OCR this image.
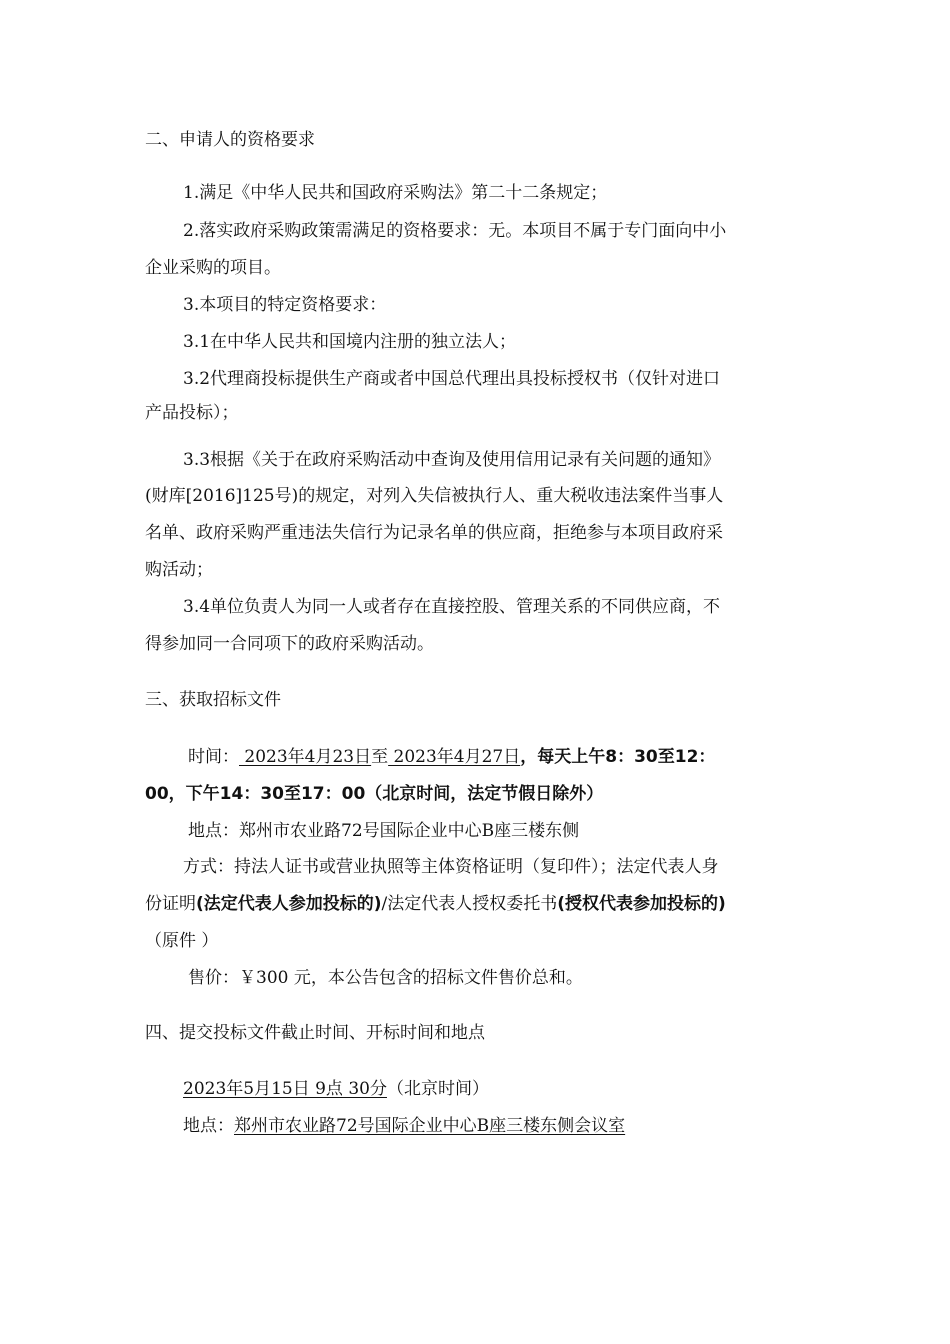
二、申请人的资格要求
1.满足《中华人民共和国政府采购法》第二十二条规定；
2.落实政府采购政策需满足的资格要求：无。本项目不属于专门面向中小
企业采购的项目。
3.本项目的特定资格要求：
3.1在中华人民共和国境内注册的独立法人；
3.2代理商投标提供生产商或者中国总代理出具投标授权书（仅针对进口
产品投标）；
3.3根据《关于在政府采购活动中查询及使用信用记录有关问题的通知》
(财库[2016]125号)的规定，对列入失信被执行人、重大税收违法案件当事人
名单、政府采购严重违法失信行为记录名单的供应商，拒绝参与本项目政府采
购活动；
3.4单位负责人为同一人或者存在直接控股、管理关系的不同供应商，不
得参加同一合同项下的政府采购活动。
三、获取招标文件
时间： 2023年4月23日至 2023年4月27日，每天上午8：30至12：
00，下午14：30至17：00（北京时间，法定节假日除外）
地点：郑州市农业路72号国际企业中心B座三楼东侧
方式：持法人证书或营业执照等主体资格证明（复印件）；法定代表人身
份证明(法定代表人参加投标的)/法定代表人授权委托书(授权代表参加投标的)
（原件 ）
售价：￥300 元，本公告包含的招标文件售价总和。
四、提交投标文件截止时间、开标时间和地点
2023年5月15日 9点 30分（北京时间）
地点：郑州市农业路72号国际企业中心B座三楼东侧会议室
